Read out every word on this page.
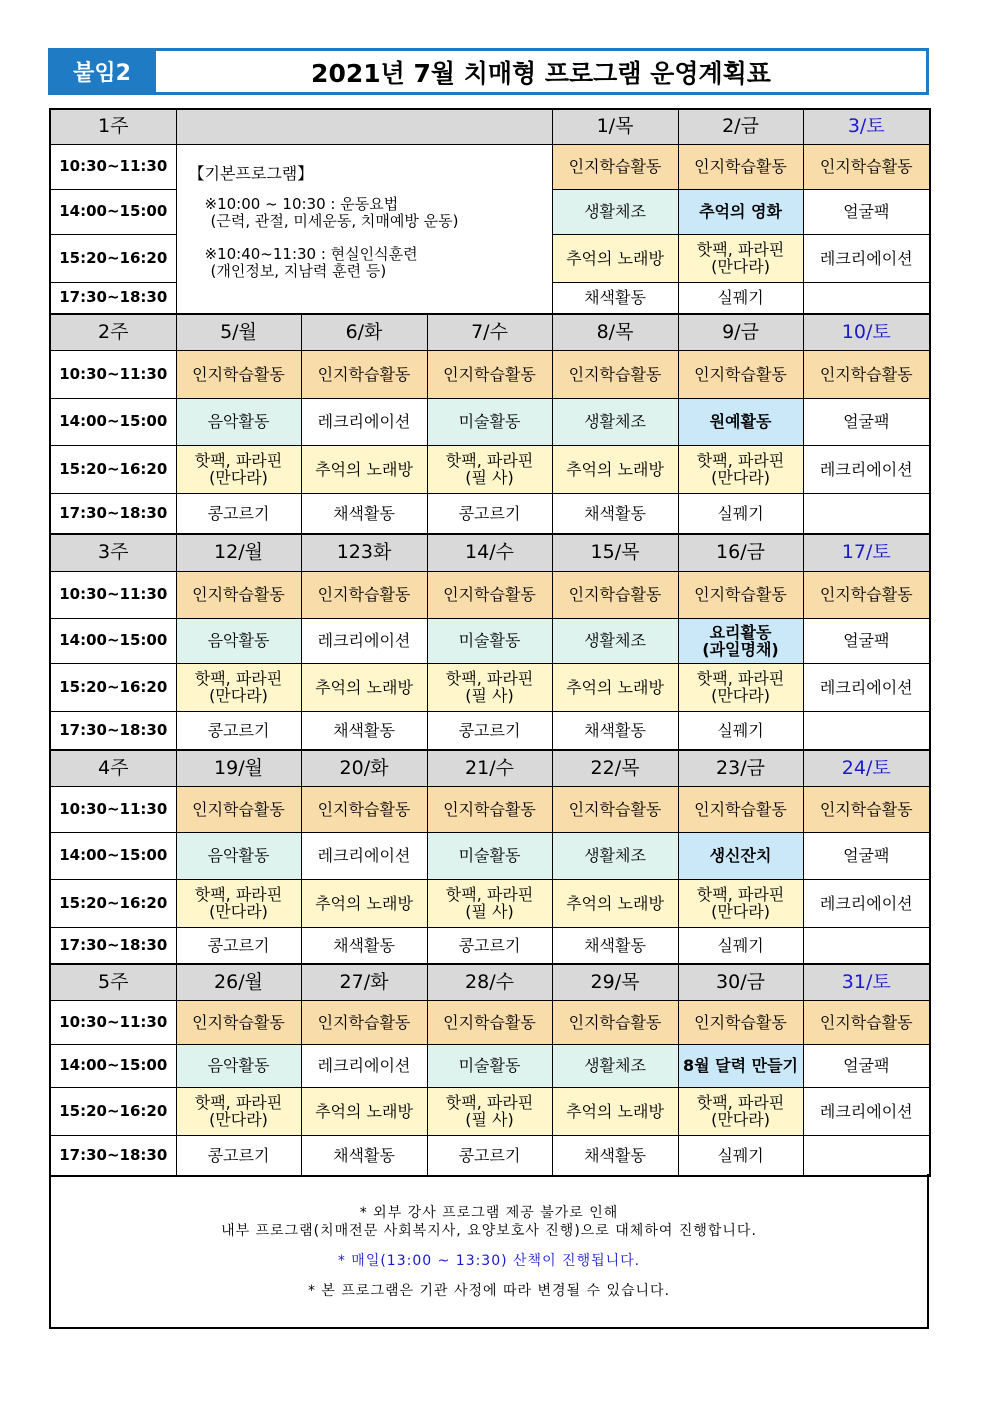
붙임2	2021년 7월 치매형 프로그램 운영계획표
1주				1/목	2/금	3/토
10:30~11:30	【기본프로그램】
※10:00 ~ 10:30 : 운동요법
(근력, 관절, 미세운동, 치매예방 운동)
※10:40~11:30 : 현실인식훈련
(개인정보, 지남력 훈련 등)			인지학습활동	인지학습활동	인지학습활동
14:00~15:00				생활체조	추억의 영화	얼굴팩
15:20~16:20				추억의 노래방	핫팩, 파라핀
(만다라)	레크리에이션
17:30~18:30				채색활동	실꿰기	
2주	5/월	6/화	7/수	8/목	9/금	10/토
10:30~11:30	인지학습활동	인지학습활동	인지학습활동	인지학습활동	인지학습활동	인지학습활동
14:00~15:00	음악활동	레크리에이션	미술활동	생활체조	원예활동	얼굴팩
15:20~16:20	핫팩, 파라핀
(만다라)	추억의 노래방	핫팩, 파라핀
(필 사)	추억의 노래방	핫팩, 파라핀
(만다라)	레크리에이션
17:30~18:30	콩고르기	채색활동	콩고르기	채색활동	실꿰기	
3주	12/월	123화	14/수	15/목	16/금	17/토
10:30~11:30	인지학습활동	인지학습활동	인지학습활동	인지학습활동	인지학습활동	인지학습활동
14:00~15:00	음악활동	레크리에이션	미술활동	생활체조	요리활동
(과일명채)	얼굴팩
15:20~16:20	핫팩, 파라핀
(만다라)	추억의 노래방	핫팩, 파라핀
(필 사)	추억의 노래방	핫팩, 파라핀
(만다라)	레크리에이션
17:30~18:30	콩고르기	채색활동	콩고르기	채색활동	실꿰기	
4주	19/월	20/화	21/수	22/목	23/금	24/토
10:30~11:30	인지학습활동	인지학습활동	인지학습활동	인지학습활동	인지학습활동	인지학습활동
14:00~15:00	음악활동	레크리에이션	미술활동	생활체조	생신잔치	얼굴팩
15:20~16:20	핫팩, 파라핀
(만다라)	추억의 노래방	핫팩, 파라핀
(필 사)	추억의 노래방	핫팩, 파라핀
(만다라)	레크리에이션
17:30~18:30	콩고르기	채색활동	콩고르기	채색활동	실꿰기	
5주	26/월	27/화	28/수	29/목	30/금	31/토
10:30~11:30	인지학습활동	인지학습활동	인지학습활동	인지학습활동	인지학습활동	인지학습활동
14:00~15:00	음악활동	레크리에이션	미술활동	생활체조	8월 달력 만들기	얼굴팩
15:20~16:20	핫팩, 파라핀
(만다라)	추억의 노래방	핫팩, 파라핀
(필 사)	추억의 노래방	핫팩, 파라핀
(만다라)	레크리에이션
17:30~18:30	콩고르기	채색활동	콩고르기	채색활동	실꿰기	

* 외부 강사 프로그램 제공 불가로 인해

내부 프로그램(치매전문 사회복지사, 요양보호사 진행)으로 대체하여 진행합니다.

* 매일(13:00 ~ 13:30) 산책이 진행됩니다.

* 본 프로그램은 기관 사정에 따라 변경될 수 있습니다.
